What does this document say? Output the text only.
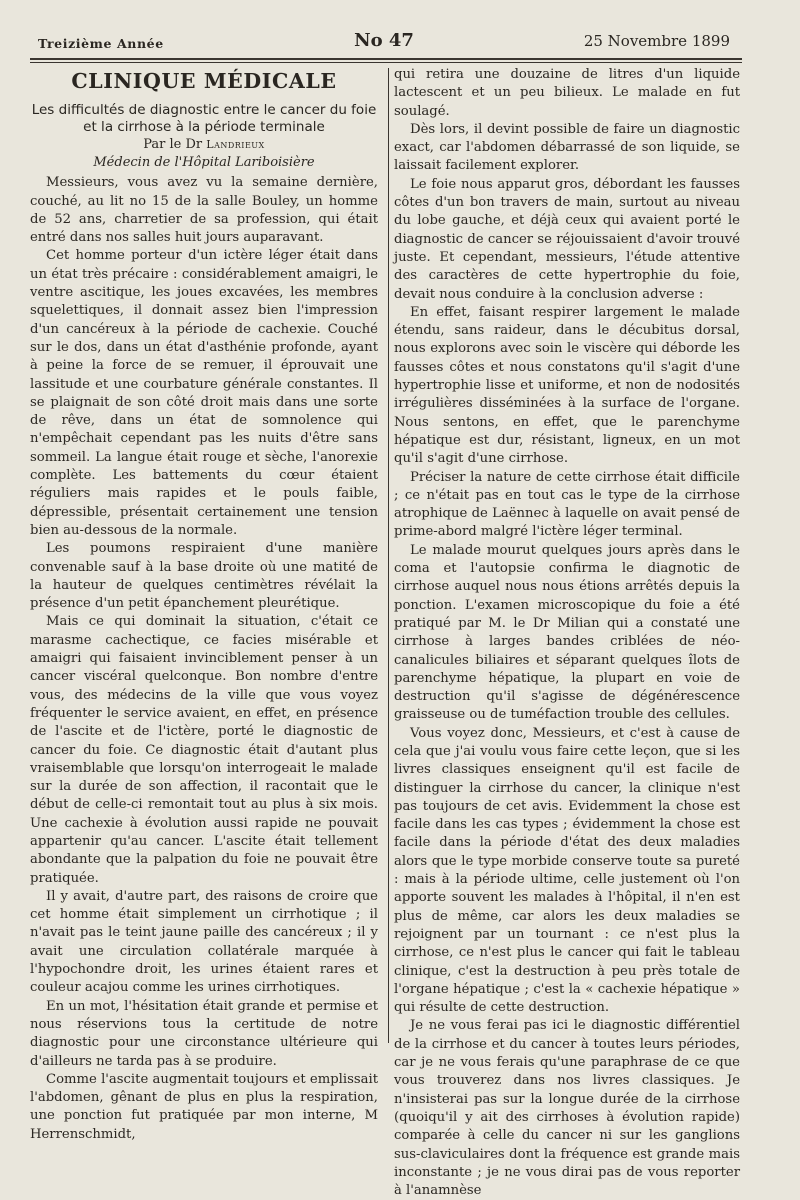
Treizième Année	No 47	25 Novembre 1899
CLINIQUE MÉDICALE
Les difficultés de diagnostic entre le cancer du foie
et la cirrhose à la période terminale
Par le Dr Landrieux
Médecin de l'Hôpital Lariboisière

Messieurs, vous avez vu la semaine dernière, couché, au lit no 15 de la salle Bouley, un homme de 52 ans, charretier de sa profession, qui était entré dans nos salles huit jours auparavant.

Cet homme porteur d'un ictère léger était dans un état très précaire : considérablement amaigri, le ventre ascitique, les joues excavées, les membres squelettiques, il donnait assez bien l'impression d'un cancéreux à la période de cachexie. Couché sur le dos, dans un état d'asthénie profonde, ayant à peine la force de se remuer, il éprouvait une lassitude et une courbature générale constantes. Il se plaignait de son côté droit mais dans une sorte de rêve, dans un état de somnolence qui n'empêchait cependant pas les nuits d'être sans sommeil. La langue était rouge et sèche, l'anorexie complète. Les battements du cœur étaient réguliers mais rapides et le pouls faible, dépressible, présentait certainement une tension bien au-dessous de la normale.

Les poumons respiraient d'une manière convenable sauf à la base droite où une matité de la hauteur de quelques centimètres révélait la présence d'un petit épanchement pleurétique.

Mais ce qui dominait la situation, c'était ce marasme cachectique, ce facies misérable et amaigri qui faisaient invinciblement penser à un cancer viscéral quelconque. Bon nombre d'entre vous, des médecins de la ville que vous voyez fréquenter le service avaient, en effet, en présence de l'ascite et de l'ictère, porté le diagnostic de cancer du foie. Ce diagnostic était d'autant plus vraisemblable que lorsqu'on interrogeait le malade sur la durée de son affection, il racontait que le début de celle-ci remontait tout au plus à six mois. Une cachexie à évolution aussi rapide ne pouvait appartenir qu'au cancer. L'ascite était tellement abondante que la palpation du foie ne pouvait être pratiquée.

Il y avait, d'autre part, des raisons de croire que cet homme était simplement un cirrhotique ; il n'avait pas le teint jaune paille des cancéreux ; il y avait une circulation collatérale marquée à l'hypochondre droit, les urines étaient rares et couleur acajou comme les urines cirrhotiques.

En un mot, l'hésitation était grande et permise et nous réservions tous la certitude de notre diagnostic pour une circonstance ultérieure qui d'ailleurs ne tarda pas à se produire.

Comme l'ascite augmentait toujours et emplissait l'abdomen, gênant de plus en plus la respiration, une ponction fut pratiquée par mon interne, M Herrenschmidt,

qui retira une douzaine de litres d'un liquide lactescent et un peu bilieux. Le malade en fut soulagé.

Dès lors, il devint possible de faire un diagnostic exact, car l'abdomen débarrassé de son liquide, se laissait facilement explorer.

Le foie nous apparut gros, débordant les fausses côtes d'un bon travers de main, surtout au niveau du lobe gauche, et déjà ceux qui avaient porté le diagnostic de cancer se réjouissaient d'avoir trouvé juste. Et cependant, messieurs, l'étude attentive des caractères de cette hypertrophie du foie, devait nous conduire à la conclusion adverse :

En effet, faisant respirer largement le malade étendu, sans raideur, dans le décubitus dorsal, nous explorons avec soin le viscère qui déborde les fausses côtes et nous constatons qu'il s'agit d'une hypertrophie lisse et uniforme, et non de nodosités irrégulières disséminées à la surface de l'organe. Nous sentons, en effet, que le parenchyme hépatique est dur, résistant, ligneux, en un mot qu'il s'agit d'une cirrhose.

Préciser la nature de cette cirrhose était difficile ; ce n'était pas en tout cas le type de la cirrhose atrophique de Laënnec à laquelle on avait pensé de prime-abord malgré l'ictère léger terminal.

Le malade mourut quelques jours après dans le coma et l'autopsie confirma le diagnotic de cirrhose auquel nous nous étions arrêtés depuis la ponction. L'examen microscopique du foie a été pratiqué par M. le Dr Milian qui a constaté une cirrhose à larges bandes criblées de néo-canalicules biliaires et séparant quelques îlots de parenchyme hépatique, la plupart en voie de destruction qu'il s'agisse de dégénérescence graisseuse ou de tuméfaction trouble des cellules.

Vous voyez donc, Messieurs, et c'est à cause de cela que j'ai voulu vous faire cette leçon, que si les livres classiques enseignent qu'il est facile de distinguer la cirrhose du cancer, la clinique n'est pas toujours de cet avis. Evidemment la chose est facile dans les cas types ; évidemment la chose est facile dans la période d'état des deux maladies alors que le type morbide conserve toute sa pureté : mais à la période ultime, celle justement où l'on apporte souvent les malades à l'hôpital, il n'en est plus de même, car alors les deux maladies se rejoignent par un tournant : ce n'est plus la cirrhose, ce n'est plus le cancer qui fait le tableau clinique, c'est la destruction à peu près totale de l'organe hépatique ; c'est la « cachexie hépatique » qui résulte de cette destruction.

Je ne vous ferai pas ici le diagnostic différentiel de la cirrhose et du cancer à toutes leurs périodes, car je ne vous ferais qu'une paraphrase de ce que vous trouverez dans nos livres classiques. Je n'insisterai pas sur la longue durée de la cirrhose (quoiqu'il y ait des cirrhoses à évolution rapide) comparée à celle du cancer ni sur les ganglions sus-claviculaires dont la fréquence est grande mais inconstante ; je ne vous dirai pas de vous reporter à l'anamnèse
